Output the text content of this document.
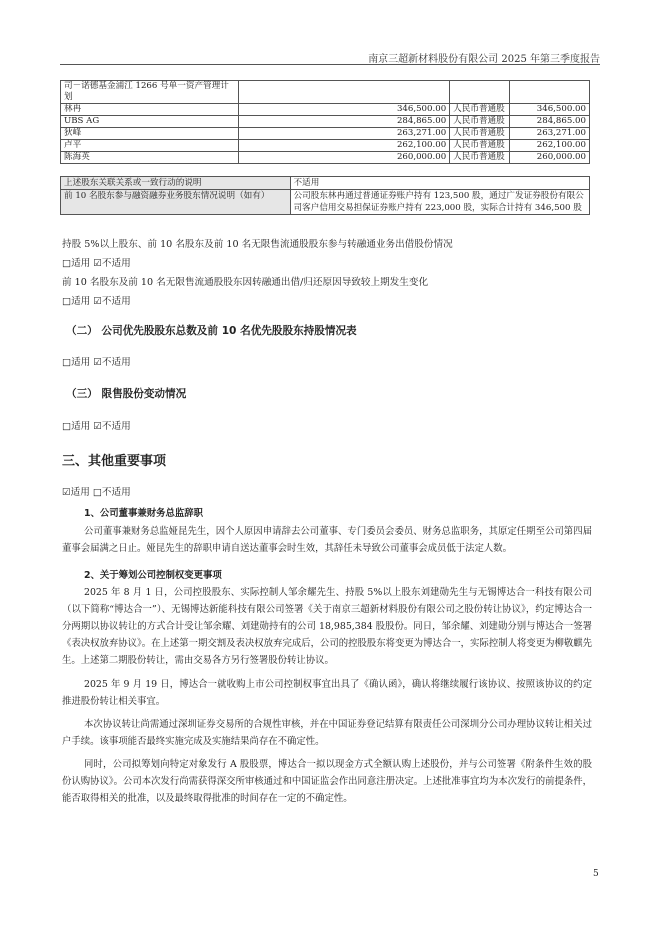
南京三超新材料股份有限公司 2025 年第三季度报告
司－诺德基金浦江 1266 号单一资产管理计划			
林冉	346,500.00	人民币普通股	346,500.00
UBS AG	284,865.00	人民币普通股	284,865.00
狄峰	263,271.00	人民币普通股	263,271.00
卢平	262,100.00	人民币普通股	262,100.00
陈海英	260,000.00	人民币普通股	260,000.00
上述股东关联关系或一致行动的说明	不适用
前 10 名股东参与融资融券业务股东情况说明（如有）	公司股东林冉通过普通证券账户持有 123,500 股，通过广发证券股份有限公司客户信用交易担保证券账户持有 223,000 股，实际合计持有 346,500 股
持股 5%以上股东、前 10 名股东及前 10 名无限售流通股股东参与转融通业务出借股份情况
□适用 ☑不适用
前 10 名股东及前 10 名无限售流通股股东因转融通出借/归还原因导致较上期发生变化
□适用 ☑不适用
（二） 公司优先股股东总数及前 10 名优先股股东持股情况表
□适用 ☑不适用
（三） 限售股份变动情况
□适用 ☑不适用
三、其他重要事项
☑适用 □不适用
1、公司董事兼财务总监辞职
公司董事兼财务总监娅昆先生，因个人原因申请辞去公司董事、专门委员会委员、财务总监职务，其原定任期至公司第四届董事会届满之日止。娅昆先生的辞职申请自送达董事会时生效，其辞任未导致公司董事会成员低于法定人数。
2、关于筹划公司控制权变更事项
2025 年 8 月 1 日，公司控股股东、实际控制人邹余耀先生、持股 5%以上股东刘建勋先生与无锡博达合一科技有限公司（以下简称“博达合一”）、无锡博达新能科技有限公司签署《关于南京三超新材料股份有限公司之股份转让协议》，约定博达合一分两期以协议转让的方式合计受让邹余耀、刘建勋持有的公司 18,985,384 股股份。同日，邹余耀、刘建勋分别与博达合一签署《表决权放弃协议》。在上述第一期交割及表决权放弃完成后，公司的控股股东将变更为博达合一，实际控制人将变更为柳敬麒先生。上述第二期股份转让，需由交易各方另行签署股份转让协议。
2025 年 9 月 19 日，博达合一就收购上市公司控制权事宜出具了《确认函》，确认将继续履行该协议、按照该协议的约定推进股份转让相关事宜。
本次协议转让尚需通过深圳证券交易所的合规性审核，并在中国证券登记结算有限责任公司深圳分公司办理协议转让相关过户手续。该事项能否最终实施完成及实施结果尚存在不确定性。
同时，公司拟筹划向特定对象发行 A 股股票，博达合一拟以现金方式全额认购上述股份，并与公司签署《附条件生效的股份认购协议》。公司本次发行尚需获得深交所审核通过和中国证监会作出同意注册决定。上述批准事宜均为本次发行的前提条件，能否取得相关的批准，以及最终取得批准的时间存在一定的不确定性。
5
